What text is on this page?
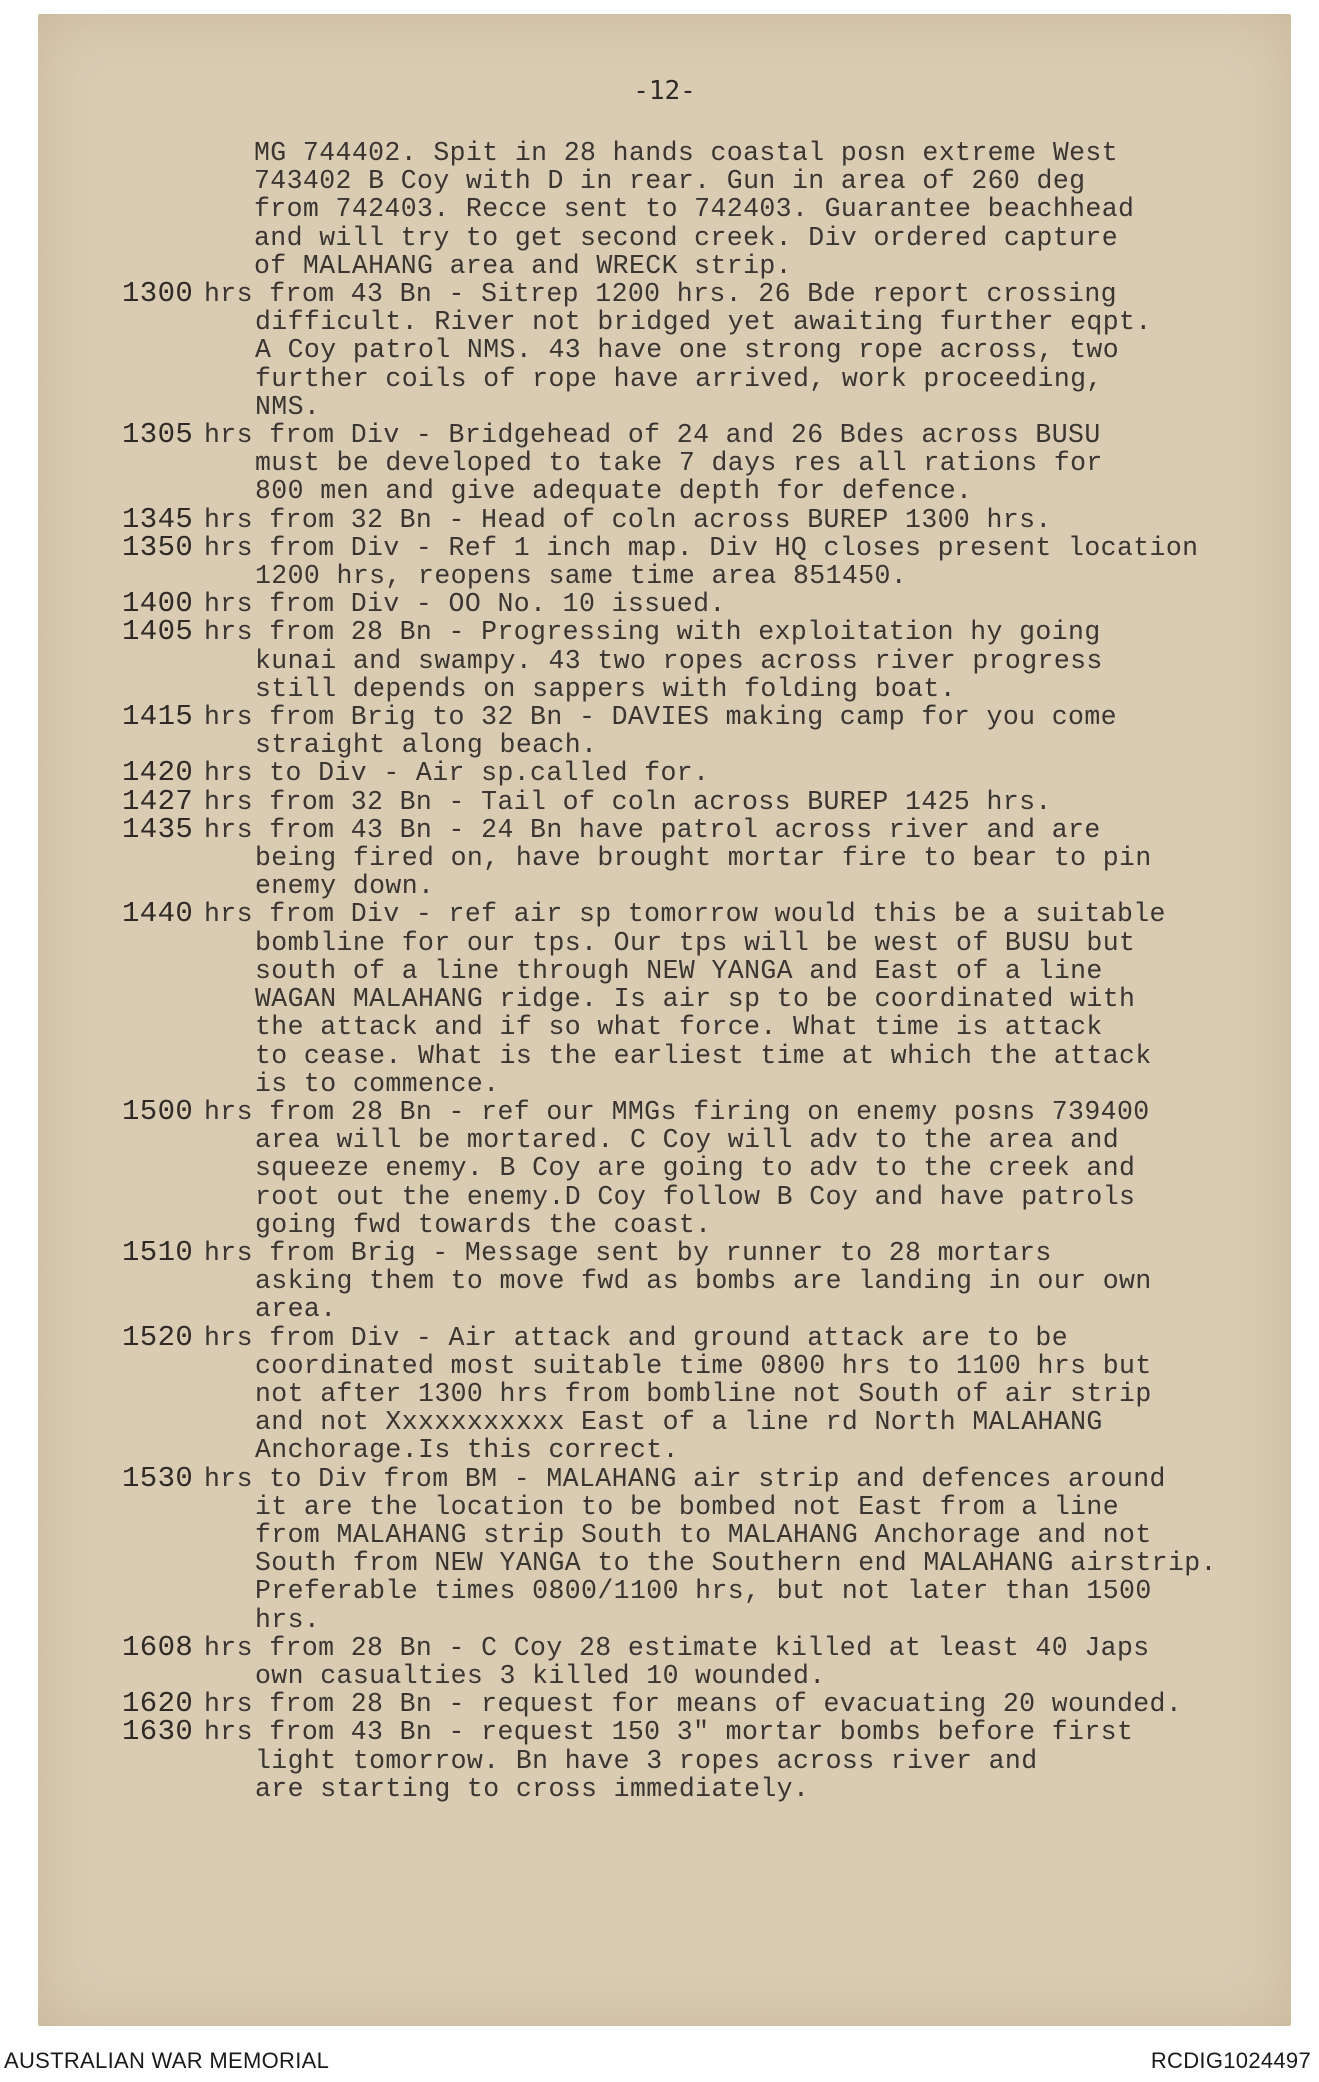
-12-
MG 744402. Spit in 28 hands coastal posn extreme West
743402 B Coy with D in rear. Gun in area of 260 deg
from 742403. Recce sent to 742403. Guarantee beachhead
and will try to get second creek. Div ordered capture
of MALAHANG area and WRECK strip.
1300 hrs from 43 Bn - Sitrep 1200 hrs. 26 Bde report crossing
difficult. River not bridged yet awaiting further eqpt.
A Coy patrol NMS. 43 have one strong rope across, two
further coils of rope have arrived, work proceeding,
NMS.
1305 hrs from Div - Bridgehead of 24 and 26 Bdes across BUSU
must be developed to take 7 days res all rations for
800 men and give adequate depth for defence.
1345 hrs from 32 Bn - Head of coln across BUREP 1300 hrs.
1350 hrs from Div - Ref 1 inch map. Div HQ closes present location
1200 hrs, reopens same time area 851450.
1400 hrs from Div - OO No. 10 issued.
1405 hrs from 28 Bn - Progressing with exploitation hy going
kunai and swampy. 43 two ropes across river progress
still depends on sappers with folding boat.
1415 hrs from Brig to 32 Bn - DAVIES making camp for you come
straight along beach.
1420 hrs to Div - Air sp.called for.
1427 hrs from 32 Bn - Tail of coln across BUREP 1425 hrs.
1435 hrs from 43 Bn - 24 Bn have patrol across river and are
being fired on, have brought mortar fire to bear to pin
enemy down.
1440 hrs from Div - ref air sp tomorrow would this be a suitable
bombline for our tps. Our tps will be west of BUSU but
south of a line through NEW YANGA and East of a line
WAGAN MALAHANG ridge. Is air sp to be coordinated with
the attack and if so what force. What time is attack
to cease. What is the earliest time at which the attack
is to commence.
1500 hrs from 28 Bn - ref our MMGs firing on enemy posns 739400
area will be mortared. C Coy will adv to the area and
squeeze enemy. B Coy are going to adv to the creek and
root out the enemy.D Coy follow B Coy and have patrols
going fwd towards the coast.
1510 hrs from Brig - Message sent by runner to 28 mortars
asking them to move fwd as bombs are landing in our own
area.
1520 hrs from Div - Air attack and ground attack are to be
coordinated most suitable time 0800 hrs to 1100 hrs but
not after 1300 hrs from bombline not South of air strip
and not Xxxxxxxxxxx East of a line rd North MALAHANG
Anchorage.Is this correct.
1530 hrs to Div from BM - MALAHANG air strip and defences around
it are the location to be bombed not East from a line
from MALAHANG strip South to MALAHANG Anchorage and not
South from NEW YANGA to the Southern end MALAHANG airstrip.
Preferable times 0800/1100 hrs, but not later than 1500
hrs.
1608 hrs from 28 Bn - C Coy 28 estimate killed at least 40 Japs
own casualties 3 killed 10 wounded.
1620 hrs from 28 Bn - request for means of evacuating 20 wounded.
1630 hrs from 43 Bn - request 150 3" mortar bombs before first
light tomorrow. Bn have 3 ropes across river and
are starting to cross immediately.
AUSTRALIAN WAR MEMORIAL	RCDIG1024497
